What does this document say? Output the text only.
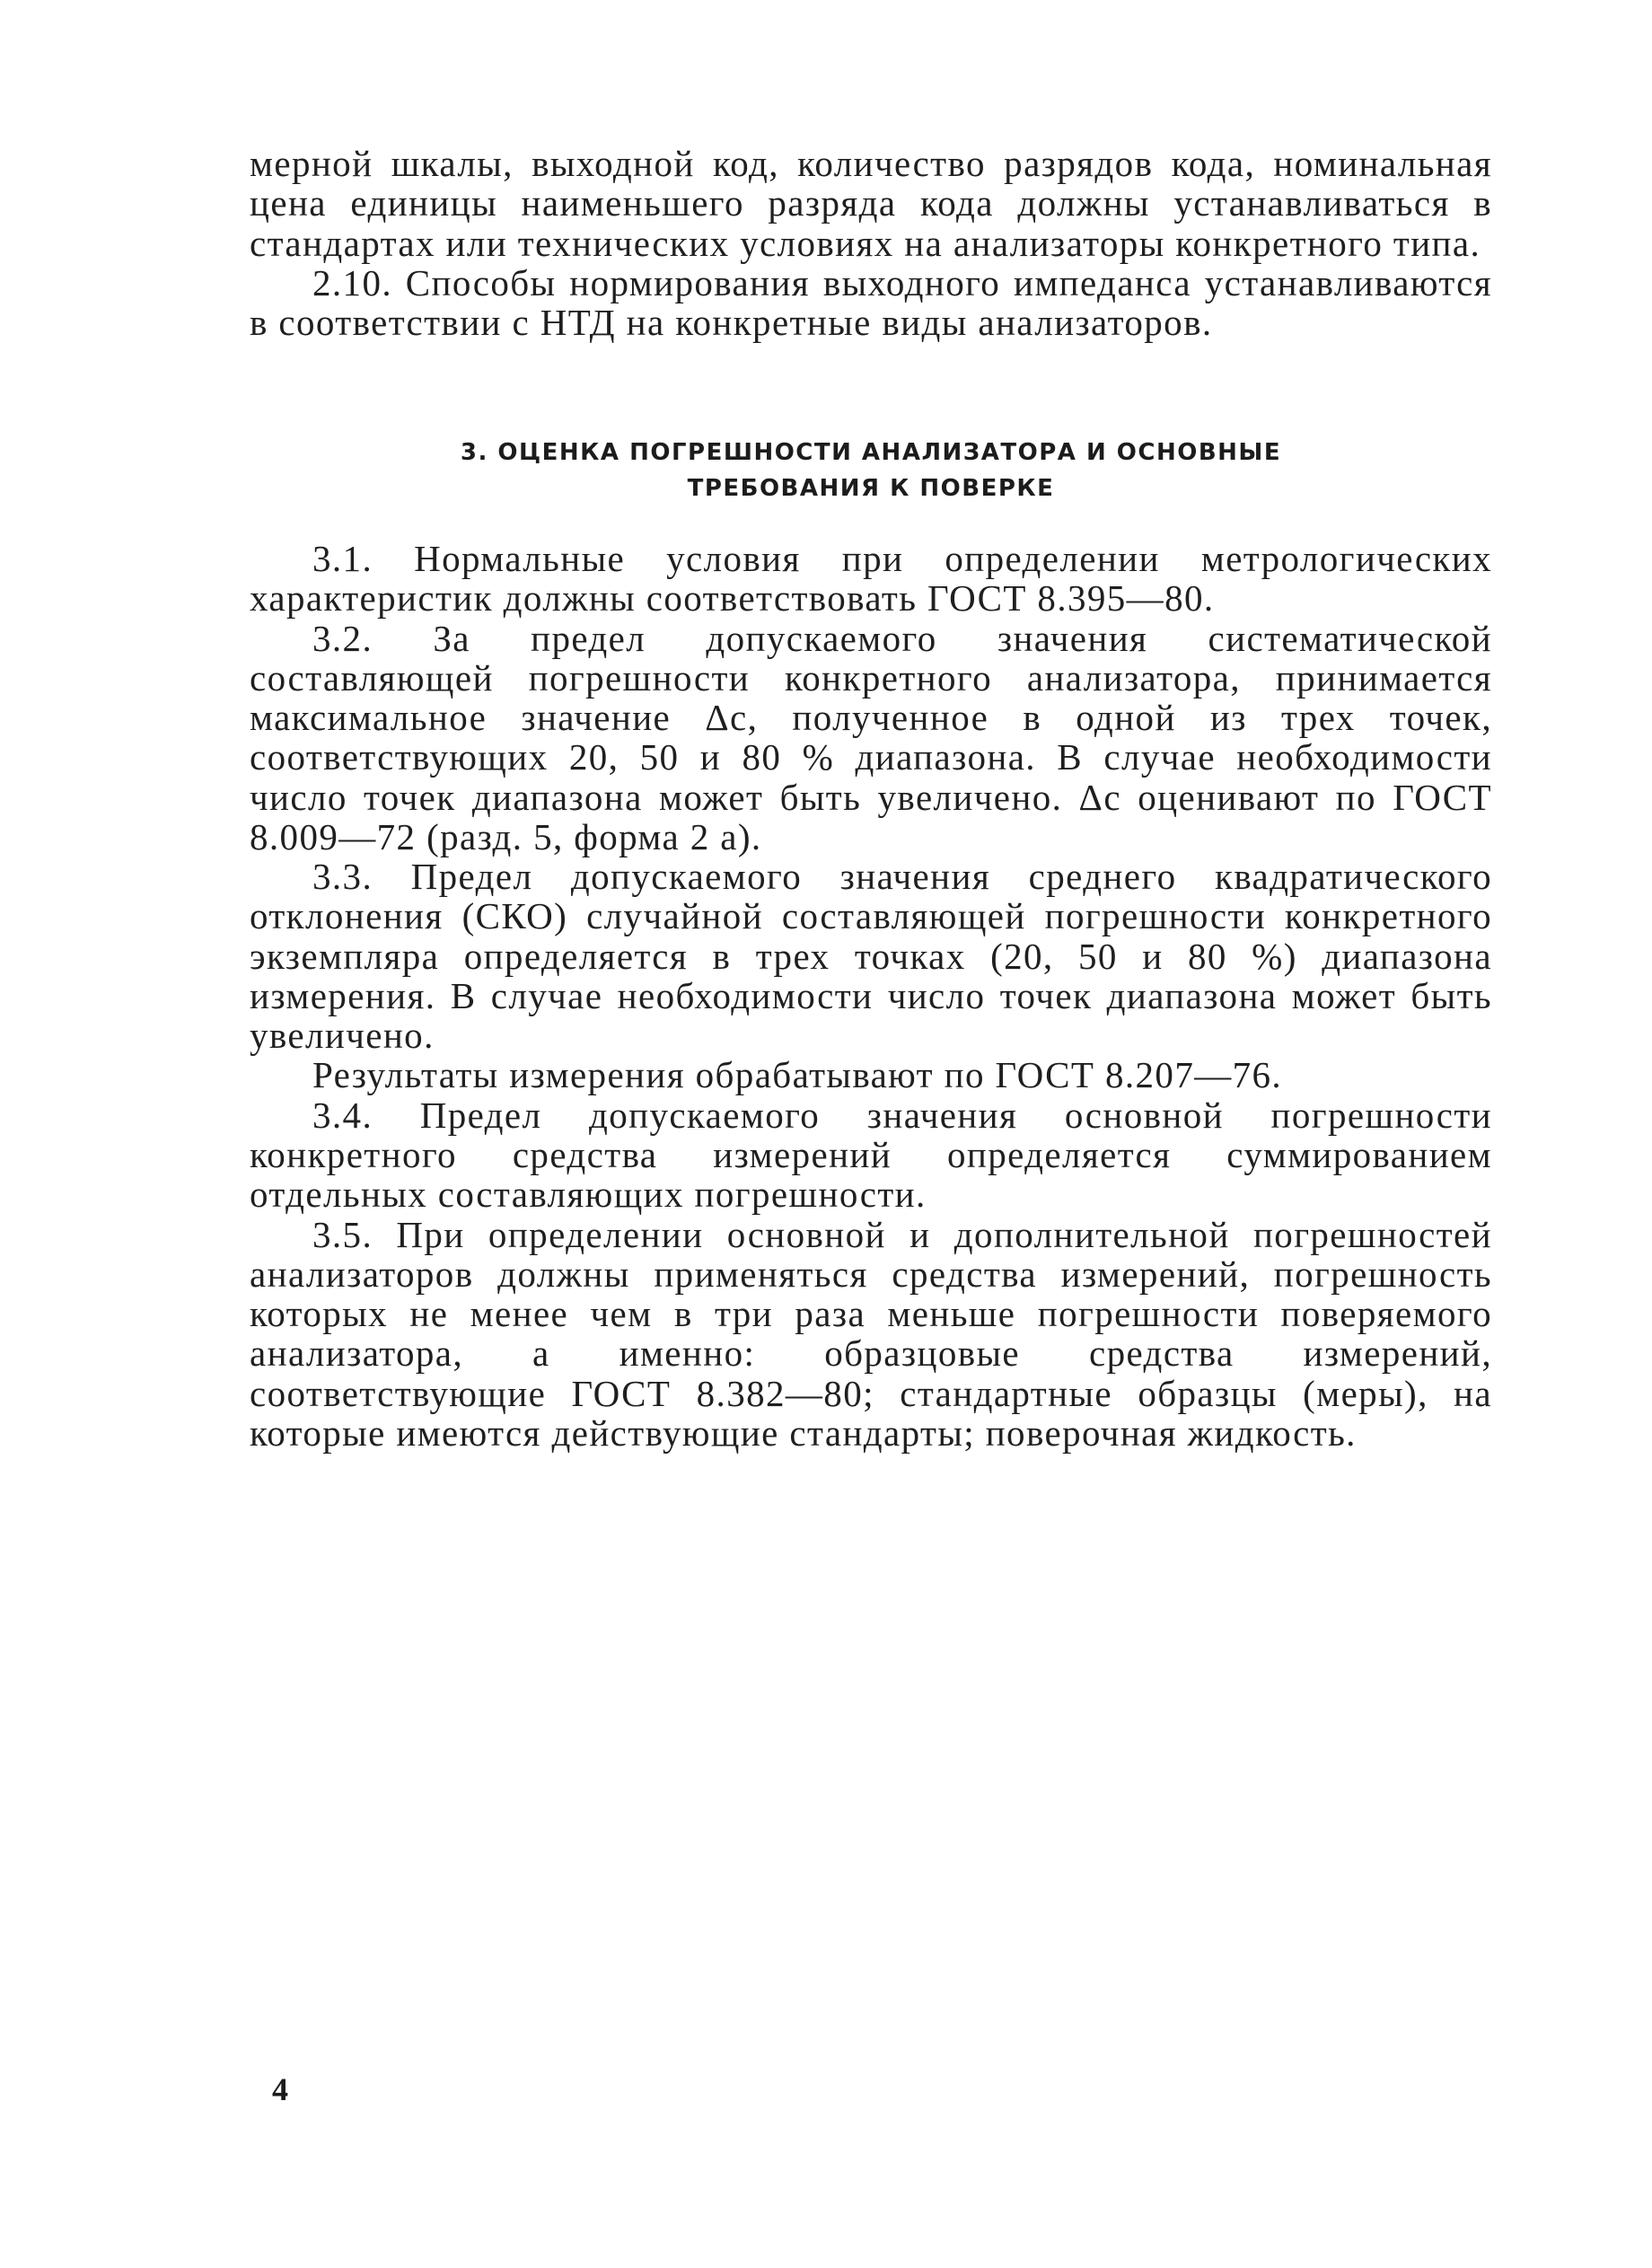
мерной шкалы, выходной код, количество разрядов кода, номинальная цена единицы наименьшего разряда кода должны устанавливаться в стандартах или технических условиях на анализаторы конкретного типа.

2.10. Способы нормирования выходного импеданса устанавливаются в соответствии с НТД на конкретные виды анализаторов.

3. ОЦЕНКА ПОГРЕШНОСТИ АНАЛИЗАТОРА И ОСНОВНЫЕ
ТРЕБОВАНИЯ К ПОВЕРКЕ

3.1. Нормальные условия при определении метрологических характеристик должны соответствовать ГОСТ 8.395—80.

3.2. За предел допускаемого значения систематической составляющей погрешности конкретного анализатора, принимается максимальное значение Δc, полученное в одной из трех точек, соответствующих 20, 50 и 80 % диапазона. В случае необходимости число точек диапазона может быть увеличено. Δc оценивают по ГОСТ 8.009—72 (разд. 5, форма 2 а).

3.3. Предел допускаемого значения среднего квадратического отклонения (СКО) случайной составляющей погрешности конкретного экземпляра определяется в трех точках (20, 50 и 80 %) диапазона измерения. В случае необходимости число точек диапазона может быть увеличено.

Результаты измерения обрабатывают по ГОСТ 8.207—76.

3.4. Предел допускаемого значения основной погрешности конкретного средства измерений определяется суммированием отдельных составляющих погрешности.

3.5. При определении основной и дополнительной погрешностей анализаторов должны применяться средства измерений, погрешность которых не менее чем в три раза меньше погрешности поверяемого анализатора, а именно: образцовые средства измерений, соответствующие ГОСТ 8.382—80; стандартные образцы (меры), на которые имеются действующие стандарты; поверочная жидкость.

4
